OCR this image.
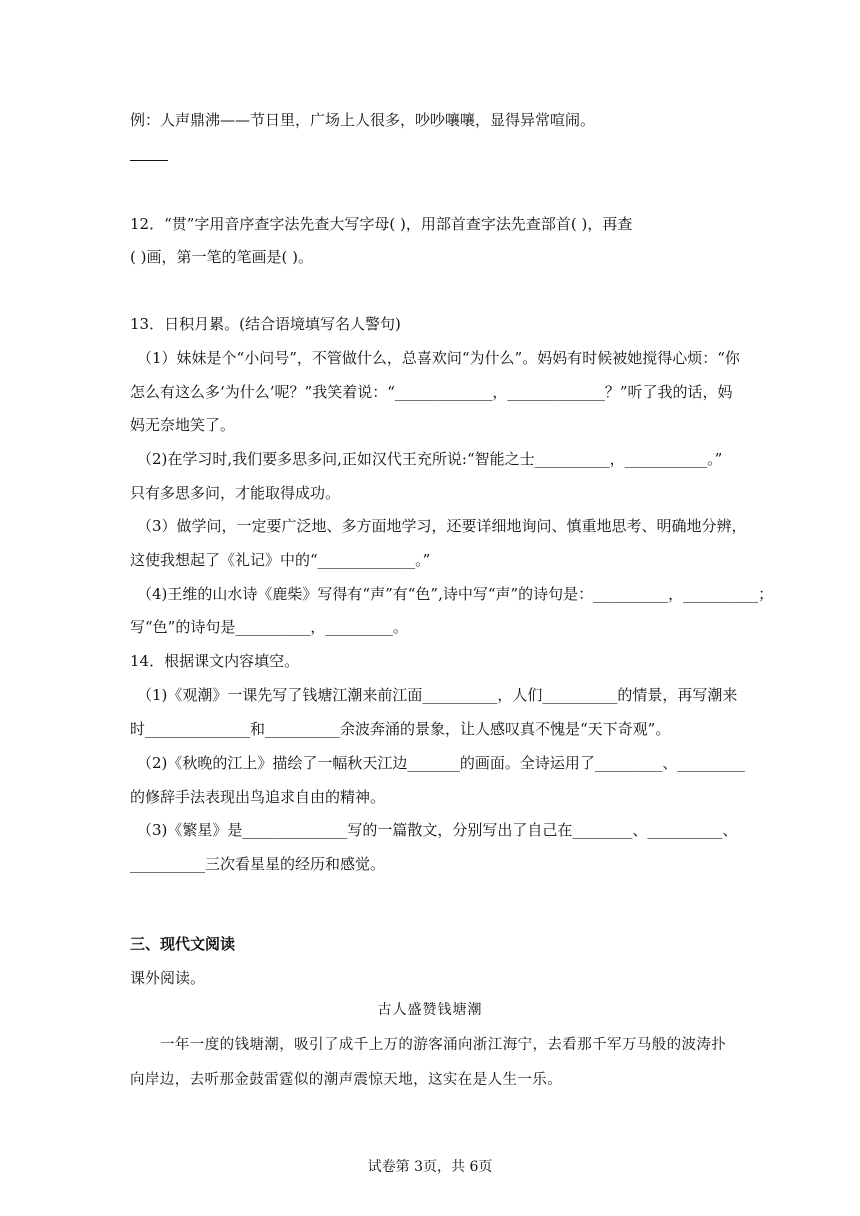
例：人声鼎沸——节日里，广场上人很多，吵吵嚷嚷，显得异常喧闹。
12．“贯”字用音序查字法先查大写字母( )，用部首查字法先查部首( )，再查
( )画，第一笔的笔画是( )。
13．日积月累。(结合语境填写名人警句)
（1）妹妹是个“小问号”，不管做什么，总喜欢问“为什么”。妈妈有时候被她搅得心烦：“你
怎么有这么多‘为什么’呢？”我笑着说：“_____________，_____________？”听了我的话，妈
妈无奈地笑了。
（2)在学习时,我们要多思多问,正如汉代王充所说:“智能之士__________，___________。”
只有多思多问，才能取得成功。
（3）做学问，一定要广泛地、多方面地学习，还要详细地询问、慎重地思考、明确地分辨，
这使我想起了《礼记》中的“_____________。”
（4)王维的山水诗《鹿柴》写得有“声”有“色”,诗中写“声”的诗句是：__________，__________；
写“色”的诗句是__________，_________。
14．根据课文内容填空。
（1)《观潮》一课先写了钱塘江潮来前江面__________，人们__________的情景，再写潮来
时______________和__________余波奔涌的景象，让人感叹真不愧是“天下奇观”。
（2)《秋晚的江上》描绘了一幅秋天江边_______的画面。全诗运用了_________、_________
的修辞手法表现出鸟追求自由的精神。
（3)《繁星》是______________写的一篇散文，分别写出了自己在________、__________、
__________三次看星星的经历和感觉。
三、现代文阅读
课外阅读。
古人盛赞钱塘潮
一年一度的钱塘潮，吸引了成千上万的游客涌向浙江海宁，去看那千军万马般的波涛扑
向岸边，去听那金鼓雷霆似的潮声震惊天地，这实在是人生一乐。
试卷第 3页，共 6页
